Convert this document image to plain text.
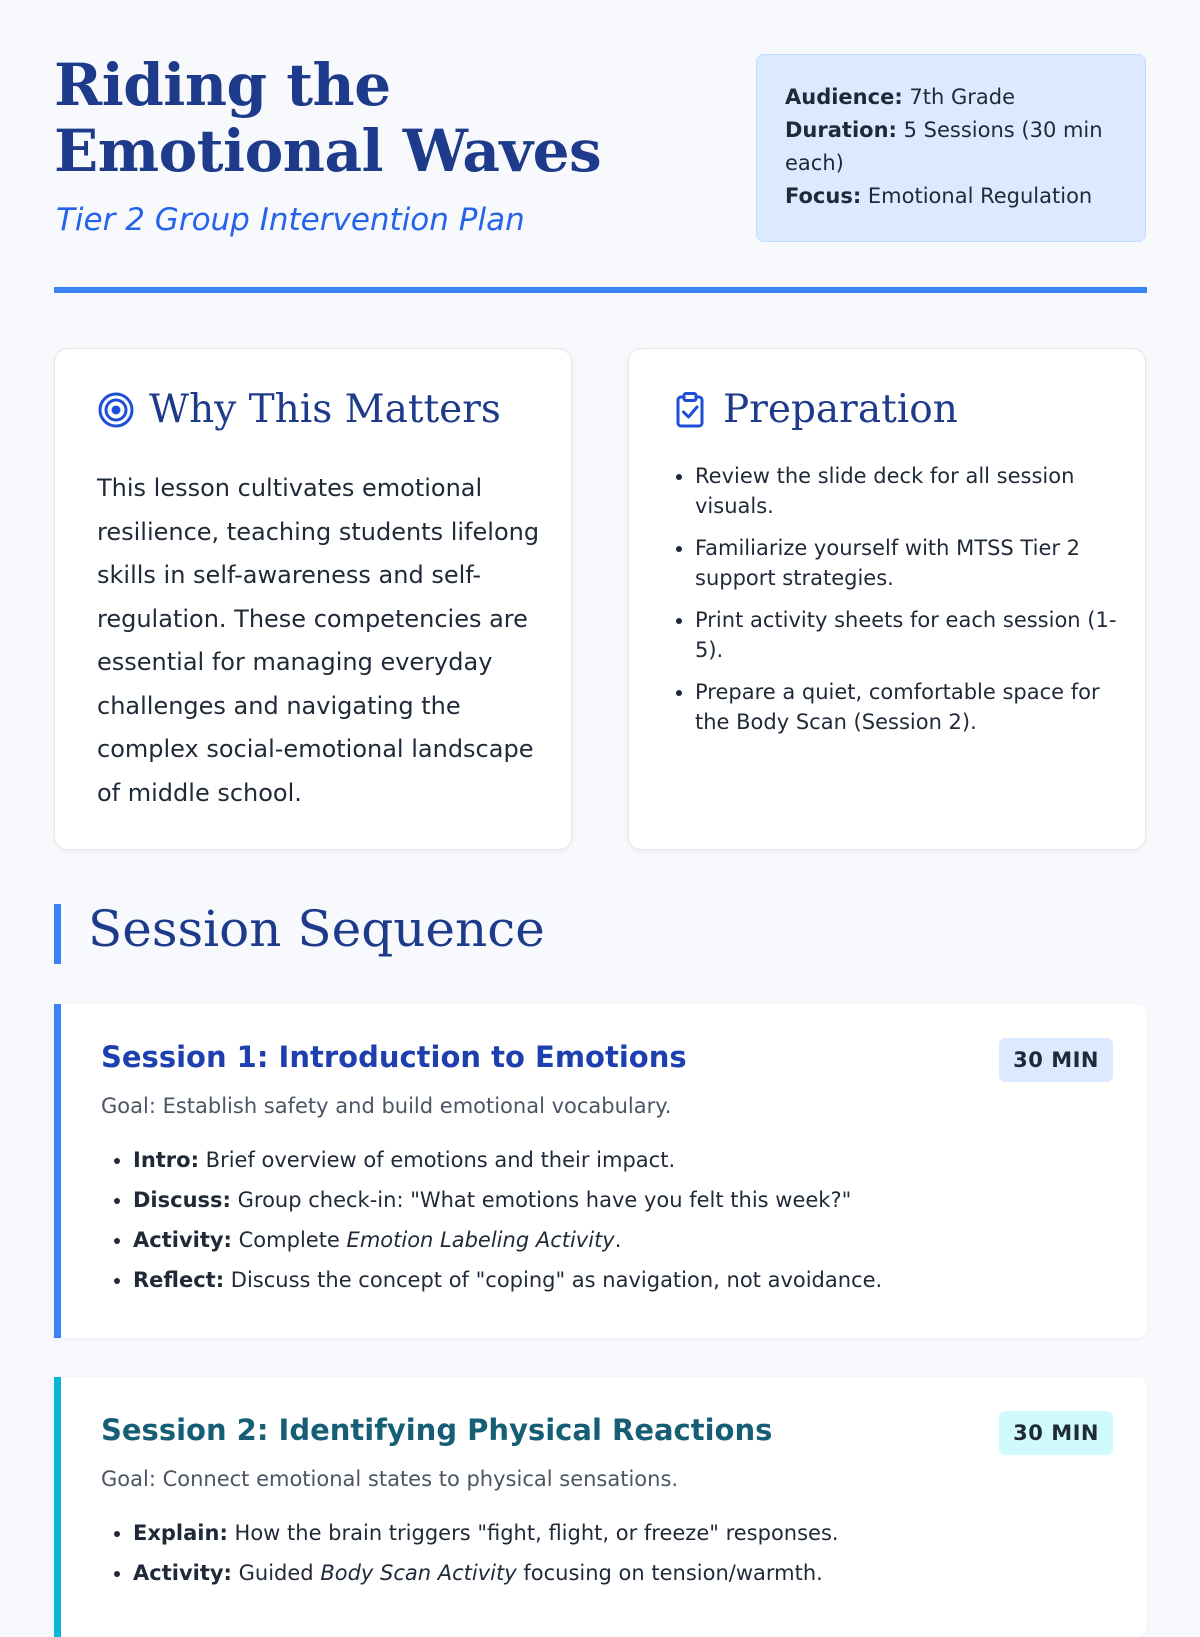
Riding the Emotional Waves
Tier 2 Group Intervention Plan
Audience: 7th Grade
Duration: 5 Sessions (30 min each)
Focus: Emotional Regulation
Why This Matters

This lesson cultivates emotional resilience, teaching students lifelong skills in self-awareness and self-regulation. These competencies are essential for managing everyday challenges and navigating the complex social-emotional landscape of middle school.

Preparation
• Review the slide deck for all session visuals.
• Familiarize yourself with MTSS Tier 2 support strategies.
• Print activity sheets for each session (1-5).
• Prepare a quiet, comfortable space for the Body Scan (Session 2).
Session Sequence
Session 1: Introduction to Emotions	30 MIN

Goal: Establish safety and build emotional vocabulary.

• Intro: Brief overview of emotions and their impact.
• Discuss: Group check-in: "What emotions have you felt this week?"
• Activity: Complete Emotion Labeling Activity.
• Reflect: Discuss the concept of "coping" as navigation, not avoidance.
Session 2: Identifying Physical Reactions	30 MIN

Goal: Connect emotional states to physical sensations.

• Explain: How the brain triggers "fight, flight, or freeze" responses.
• Activity: Guided Body Scan Activity focusing on tension/warmth.
